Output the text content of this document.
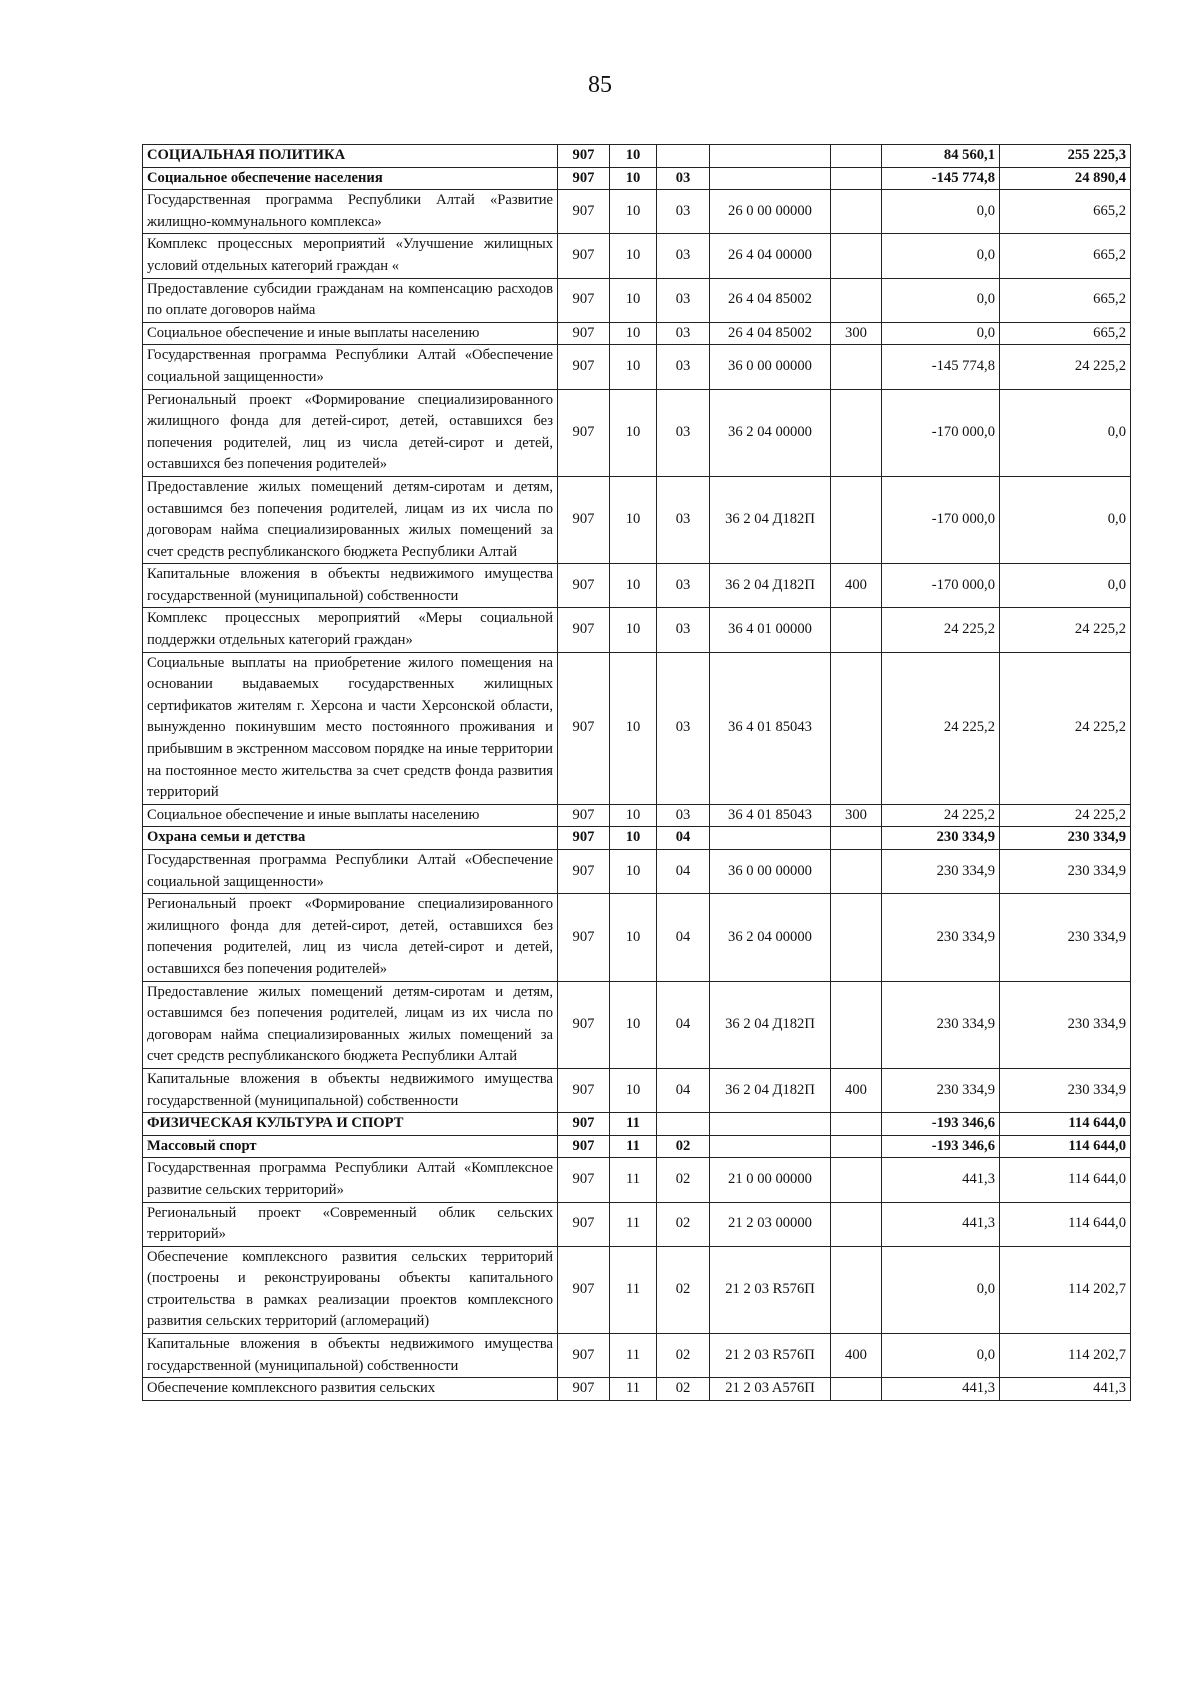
85
СОЦИАЛЬНАЯ ПОЛИТИКА	907	10				84 560,1	255 225,3
Социальное обеспечение населения	907	10	03			-145 774,8	24 890,4
Государственная программа Республики Алтай «Развитие жилищно-коммунального комплекса»	907	10	03	26 0 00 00000		0,0	665,2
Комплекс процессных мероприятий «Улучшение жилищных условий отдельных категорий граждан «	907	10	03	26 4 04 00000		0,0	665,2
Предоставление субсидии гражданам на компенсацию расходов по оплате договоров найма	907	10	03	26 4 04 85002		0,0	665,2
Социальное обеспечение и иные выплаты населению	907	10	03	26 4 04 85002	300	0,0	665,2
Государственная программа Республики Алтай «Обеспечение социальной защищенности»	907	10	03	36 0 00 00000		-145 774,8	24 225,2
Региональный проект «Формирование специализированного жилищного фонда для детей-сирот, детей, оставшихся без попечения родителей, лиц из числа детей-сирот и детей, оставшихся без попечения родителей»	907	10	03	36 2 04 00000		-170 000,0	0,0
Предоставление жилых помещений детям-сиротам и детям, оставшимся без попечения родителей, лицам из их числа по договорам найма специализированных жилых помещений за счет средств республиканского бюджета Республики Алтай	907	10	03	36 2 04 Д182П		-170 000,0	0,0
Капитальные вложения в объекты недвижимого имущества государственной (муниципальной) собственности	907	10	03	36 2 04 Д182П	400	-170 000,0	0,0
Комплекс процессных мероприятий «Меры социальной поддержки отдельных категорий граждан»	907	10	03	36 4 01 00000		24 225,2	24 225,2
Социальные выплаты на приобретение жилого помещения на основании выдаваемых государственных жилищных сертификатов жителям г. Херсона и части Херсонской области, вынужденно покинувшим место постоянного проживания и прибывшим в экстренном массовом порядке на иные территории на постоянное место жительства за счет средств фонда развития территорий	907	10	03	36 4 01 85043		24 225,2	24 225,2
Социальное обеспечение и иные выплаты населению	907	10	03	36 4 01 85043	300	24 225,2	24 225,2
Охрана семьи и детства	907	10	04			230 334,9	230 334,9
Государственная программа Республики Алтай «Обеспечение социальной защищенности»	907	10	04	36 0 00 00000		230 334,9	230 334,9
Региональный проект «Формирование специализированного жилищного фонда для детей-сирот, детей, оставшихся без попечения родителей, лиц из числа детей-сирот и детей, оставшихся без попечения родителей»	907	10	04	36 2 04 00000		230 334,9	230 334,9
Предоставление жилых помещений детям-сиротам и детям, оставшимся без попечения родителей, лицам из их числа по договорам найма специализированных жилых помещений за счет средств республиканского бюджета Республики Алтай	907	10	04	36 2 04 Д182П		230 334,9	230 334,9
Капитальные вложения в объекты недвижимого имущества государственной (муниципальной) собственности	907	10	04	36 2 04 Д182П	400	230 334,9	230 334,9
ФИЗИЧЕСКАЯ КУЛЬТУРА И СПОРТ	907	11				-193 346,6	114 644,0
Массовый спорт	907	11	02			-193 346,6	114 644,0
Государственная программа Республики Алтай «Комплексное развитие сельских территорий»	907	11	02	21 0 00 00000		441,3	114 644,0
Региональный проект «Современный облик сельских территорий»	907	11	02	21 2 03 00000		441,3	114 644,0
Обеспечение комплексного развития сельских территорий (построены и реконструированы объекты капитального строительства в рамках реализации проектов комплексного развития сельских территорий (агломераций)	907	11	02	21 2 03 R576П		0,0	114 202,7
Капитальные вложения в объекты недвижимого имущества государственной (муниципальной) собственности	907	11	02	21 2 03 R576П	400	0,0	114 202,7
Обеспечение комплексного развития сельских	907	11	02	21 2 03 A576П		441,3	441,3
